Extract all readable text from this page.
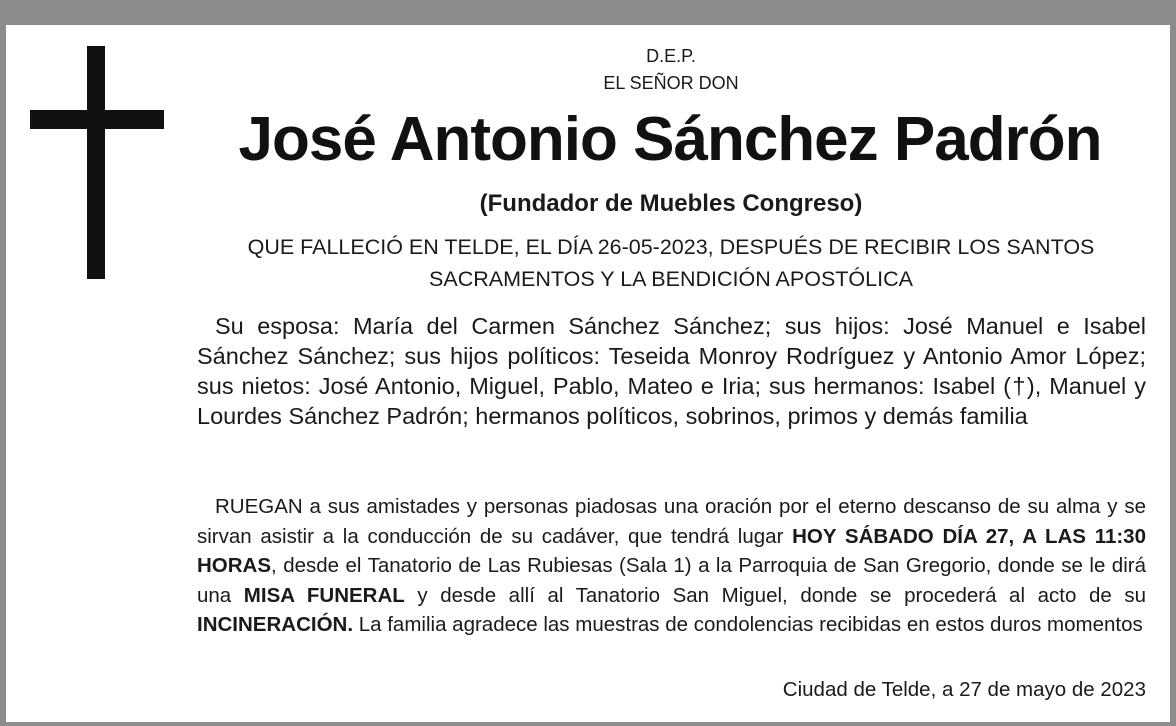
D.E.P.
EL SEÑOR DON
José Antonio Sánchez Padrón
(Fundador de Muebles Congreso)
QUE FALLECIÓ EN TELDE, EL DÍA 26-05-2023, DESPUÉS DE RECIBIR LOS SANTOS
SACRAMENTOS Y LA BENDICIÓN APOSTÓLICA
Su esposa: María del Carmen Sánchez Sánchez; sus hijos: José Manuel e Isabel Sánchez Sánchez; sus hijos políticos: Teseida Monroy Rodríguez y Antonio Amor López; sus nietos: José Antonio, Miguel, Pablo, Mateo e Iria; sus hermanos: Isabel (†), Manuel y Lourdes Sánchez Padrón; hermanos políticos, sobrinos, primos y demás familia
RUEGAN a sus amistades y personas piadosas una oración por el eterno descanso de su alma y se sirvan asistir a la conducción de su cadáver, que tendrá lugar HOY SÁBADO DÍA 27, A LAS 11:30 HORAS, desde el Tanatorio de Las Rubiesas (Sala 1) a la Parroquia de San Gregorio, donde se le dirá una MISA FUNERAL y desde allí al Tanatorio San Miguel, donde se procederá al acto de su INCINERACIÓN. La familia agradece las muestras de condolencias recibidas en estos duros momentos
Ciudad de Telde, a 27 de mayo de 2023
